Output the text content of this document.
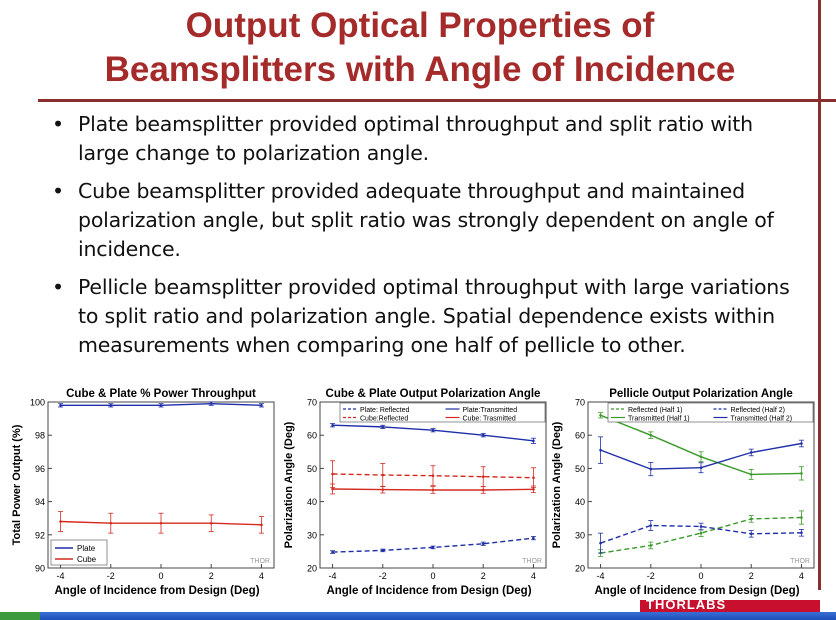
Output Optical Properties of
Beamsplitters with Angle of Incidence
• Plate beamsplitter provided optimal throughput and split ratio with large change to polarization angle.
• Cube beamsplitter provided adequate throughput and maintained polarization angle, but split ratio was strongly dependent on angle of incidence.
• Pellicle beamsplitter provided optimal throughput with large variations to split ratio and polarization angle. Spatial dependence exists within measurements when comparing one half of pellicle to other.
Cube & Plate % Power Throughput
THOR
90
92
94
96
98
100
-4	-2	0	2	4
Angle of Incidence from Design (Deg)
Total Power Output (%)
Plate
Cube
Cube & Plate Output Polarization Angle
THOR
20
30
40
50
60
70
-4	-2	0	2	4
Angle of Incidence from Design (Deg)
Polarization Angle (Deg)
Plate: Reflected	Plate:Transmitted
Cube:Reflected	Cube: Trasmitted
Pellicle Output Polarization Angle
THOR
20
30
40
50
60
70
-4	-2	0	2	4
Angle of Incidence from Design (Deg)
Polarization Angle (Deg)
Reflected (Half 1)	Reflected (Half 2)
Transmitted (Half 1)	Transmitted (Half 2)
THORLABS
